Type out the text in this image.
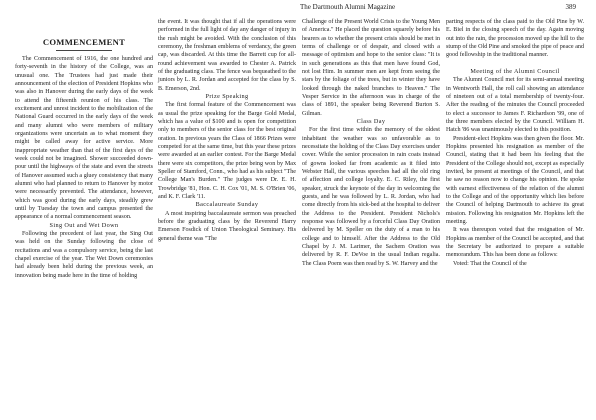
The Dartmouth Alumni Magazine	389
COMMENCEMENT

The Commencement of 1916, the one hundred and forty-seventh in the history of the College, was an unusual one. The Trustees had just made their announcement of the election of President Hopkins who was also in Hanover during the early days of the week to attend the fifteenth reunion of his class. The excitement and unrest incident to the mobilization of the National Guard occurred in the early days of the week and many alumni who were members of military organizations were uncertain as to what moment they might be called away for active service. More inappropriate weather than that of the first days of the week could not be imagined. Shower succeeded down-pour until the highways of the state and even the streets of Hanover assumed such a gluey consistency that many alumni who had planned to return to Hanover by motor were necessarily prevented. The attendance, however, which was good during the early days, steadily grew until by Tuesday the town and campus presented the appearance of a normal commencement season.

Sing Out and Wet Down

Following the precedent of last year, the Sing Out was held on the Sunday following the close of recitations and was a compulsory service, being the last chapel exercise of the year. The Wet Down ceremonies had already been held during the previous week, an innovation being made here in the time of holding

the event. It was thought that if all the operations were performed in the full light of day any danger of injury in the rush might be avoided. With the conclusion of this ceremony, the freshman emblems of verdancy, the green cap, was discarded. At this time the Barrett cup for all-round achievement was awarded to Chester A. Patrick of the graduating class. The fence was bequeathed to the juniors by L. R. Jordan and accepted for the class by S. B. Emerson, 2nd.

Prize Speaking

The first formal feature of the Commencement was as usual the prize speaking for the Barge Gold Medal, which has a value of $100 and is open for competition only to members of the senior class for the best original oration. In previous years the Class of 1866 Prizes were competed for at the same time, but this year these prizes were awarded at an earlier contest. For the Barge Medal there were six competitors, the prize being won by Max Speller of Stamford, Conn., who had as his subject "The College Man's Burden." The judges were Dr. E. H. Trowbridge '81, Hon. C. H. Cox '01, M. S. O'Brien '06, and K. F. Clark '11.

Baccalaureate Sunday

A most inspiring baccalaureate sermon was preached before the graduating class by the Reverend Harry Emerson Fosdick of Union Theological Seminary. His general theme was "The

Challenge of the Present World Crisis to the Young Men of America." He placed the question squarely before his hearers as to whether the present crisis should be met in terms of challenge or of despair, and closed with a message of optimism and hope to the senior class: "It is in such generations as this that men have found God, not lost Him. In summer men are kept from seeing the stars by the foliage of the trees, but in winter they have looked through the naked branches to Heaven." The Vesper Service in the afternoon was in charge of the class of 1891, the speaker being Reverend Burton S. Gilman.

Class Day

For the first time within the memory of the oldest inhabitant the weather was so unfavorable as to necessitate the holding of the Class Day exercises under cover. While the senior procession in rain coats instead of gowns looked far from academic as it filed into Webster Hall, the various speeches had all the old ring of affection and college loyalty. E. C. Riley, the first speaker, struck the keynote of the day in welcoming the guests, and he was followed by L. R. Jordan, who had come directly from his sick-bed at the hospital to deliver the Address to the President. President Nichols's response was followed by a forceful Class Day Oration delivered by M. Speller on the duty of a man to his college and to himself. After the Address to the Old Chapel by J. M. Larimer, the Sachem Oration was delivered by R. F. DeVoe in the usual Indian regalia. The Class Poem was then read by S. W. Harvey and the

parting respects of the class paid to the Old Pine by W. E. Biel in the closing speech of the day. Again moving out into the rain, the procession moved up the hill to the stump of the Old Pine and smoked the pipe of peace and good fellowship in the traditional manner.

Meeting of the Alumni Council

The Alumni Council met for its semi-annual meeting in Wentworth Hall, the roll call showing an attendance of nineteen out of a total membership of twenty-four. After the reading of the minutes the Council proceeded to elect a successor to James F. Richardson '99, one of the three members elected by the Council. William H. Hatch '86 was unanimously elected to this position.

President-elect Hopkins was then given the floor. Mr. Hopkins presented his resignation as member of the Council, stating that it had been his feeling that the President of the College should not, except as especially invited, be present at meetings of the Council, and that he saw no reason now to change his opinion. He spoke with earnest effectiveness of the relation of the alumni to the College and of the opportunity which lies before the Council of helping Dartmouth to achieve its great mission. Following his resignation Mr. Hopkins left the meeting.

It was thereupon voted that the resignation of Mr. Hopkins as member of the Council be accepted, and that the Secretary be authorized to prepare a suitable memorandum. This has been done as follows:

Voted: That the Council of the
